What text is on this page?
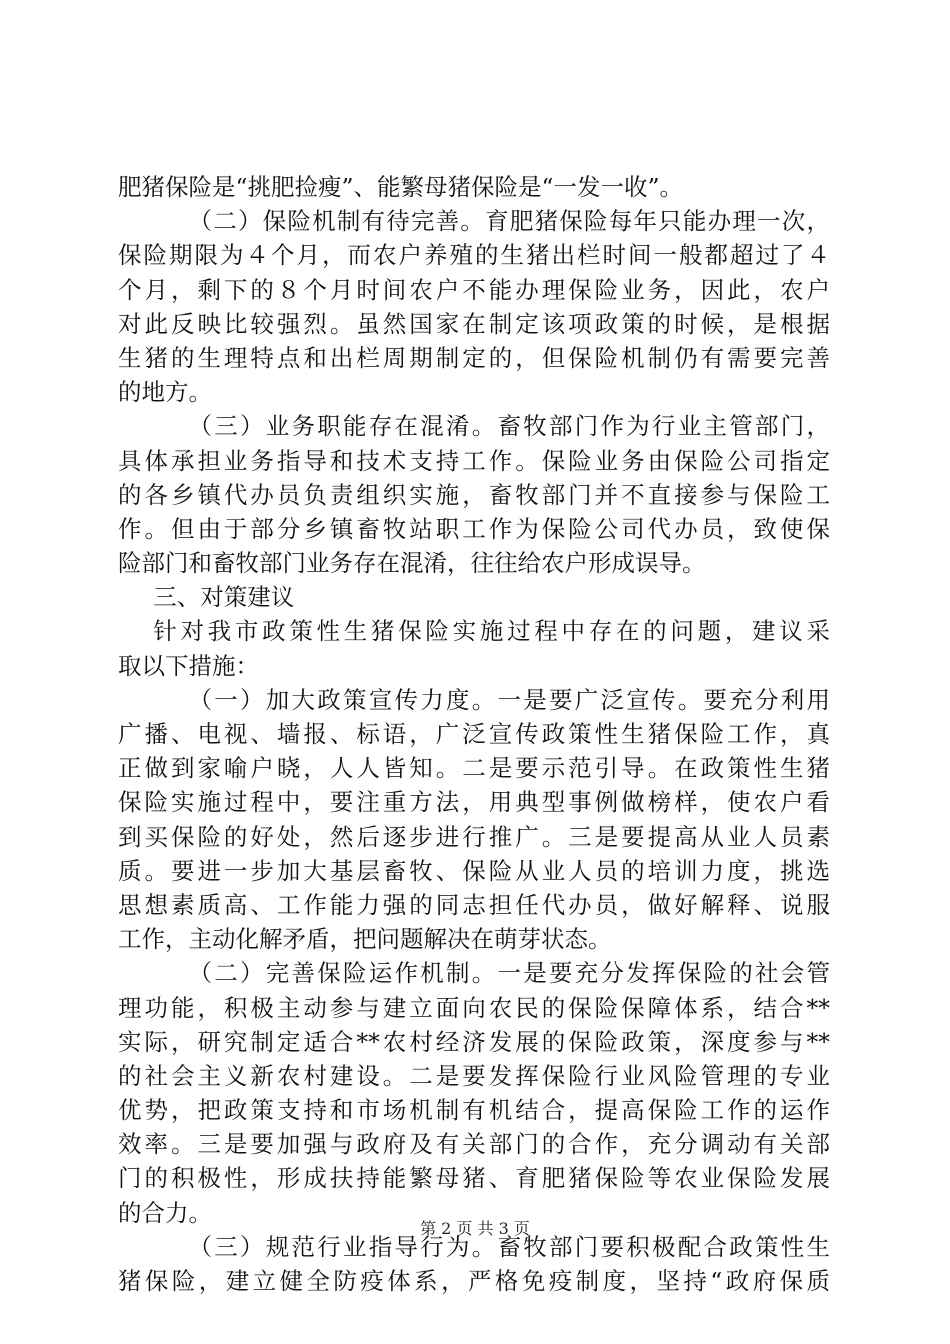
肥猪保险是“挑肥捡瘦”、能繁母猪保险是“一发一收”。
（二）保险机制有待完善。育肥猪保险每年只能办理一次，
保险期限为４个月，而农户养殖的生猪出栏时间一般都超过了４
个月，剩下的８个月时间农户不能办理保险业务，因此，农户
对此反映比较强烈。虽然国家在制定该项政策的时候，是根据
生猪的生理特点和出栏周期制定的，但保险机制仍有需要完善
的地方。
（三）业务职能存在混淆。畜牧部门作为行业主管部门，
具体承担业务指导和技术支持工作。保险业务由保险公司指定
的各乡镇代办员负责组织实施，畜牧部门并不直接参与保险工
作。但由于部分乡镇畜牧站职工作为保险公司代办员，致使保
险部门和畜牧部门业务存在混淆，往往给农户形成误导。
三、对策建议
针对我市政策性生猪保险实施过程中存在的问题，建议采
取以下措施：
（一）加大政策宣传力度。一是要广泛宣传。要充分利用
广播、电视、墙报、标语，广泛宣传政策性生猪保险工作，真
正做到家喻户晓，人人皆知。二是要示范引导。在政策性生猪
保险实施过程中，要注重方法，用典型事例做榜样，使农户看
到买保险的好处，然后逐步进行推广。三是要提高从业人员素
质。要进一步加大基层畜牧、保险从业人员的培训力度，挑选
思想素质高、工作能力强的同志担任代办员，做好解释、说服
工作，主动化解矛盾，把问题解决在萌芽状态。
（二）完善保险运作机制。一是要充分发挥保险的社会管
理功能，积极主动参与建立面向农民的保险保障体系，结合**
实际，研究制定适合**农村经济发展的保险政策，深度参与**
的社会主义新农村建设。二是要发挥保险行业风险管理的专业
优势，把政策支持和市场机制有机结合，提高保险工作的运作
效率。三是要加强与政府及有关部门的合作，充分调动有关部
门的积极性，形成扶持能繁母猪、育肥猪保险等农业保险发展
的合力。
（三）规范行业指导行为。畜牧部门要积极配合政策性生
猪保险，建立健全防疫体系，严格免疫制度，坚持“政府保质
第 2 页 共 3 页
